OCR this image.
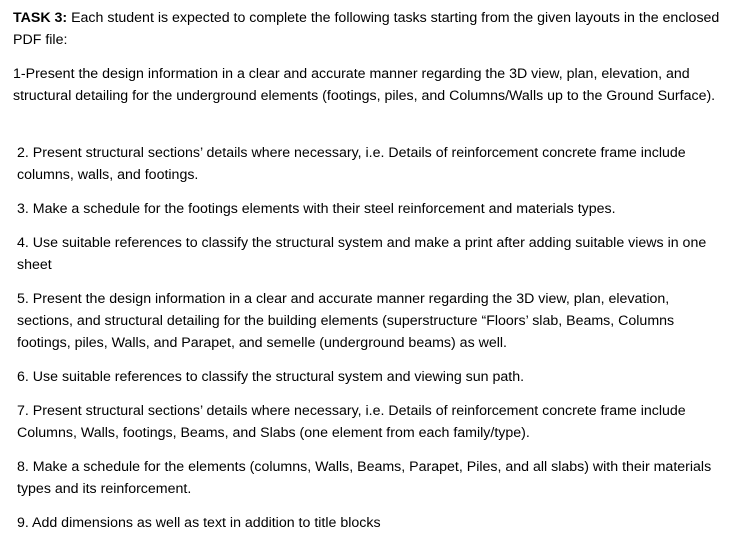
TASK 3: Each student is expected to complete the following tasks starting from the given layouts in the enclosed PDF file:

1-Present the design information in a clear and accurate manner regarding the 3D view, plan, elevation, and structural detailing for the underground elements (footings, piles, and Columns/Walls up to the Ground Surface).

2. Present structural sections’ details where necessary, i.e. Details of reinforcement concrete frame include columns, walls, and footings.

3. Make a schedule for the footings elements with their steel reinforcement and materials types.

4. Use suitable references to classify the structural system and make a print after adding suitable views in one sheet

5. Present the design information in a clear and accurate manner regarding the 3D view, plan, elevation, sections, and structural detailing for the building elements (superstructure “Floors’ slab, Beams, Columns footings, piles, Walls, and Parapet, and semelle (underground beams) as well.

6. Use suitable references to classify the structural system and viewing sun path.

7. Present structural sections’ details where necessary, i.e. Details of reinforcement concrete frame include Columns, Walls, footings, Beams, and Slabs (one element from each family/type).

8. Make a schedule for the elements (columns, Walls, Beams, Parapet, Piles, and all slabs) with their materials types and its reinforcement.

9. Add dimensions as well as text in addition to title blocks
